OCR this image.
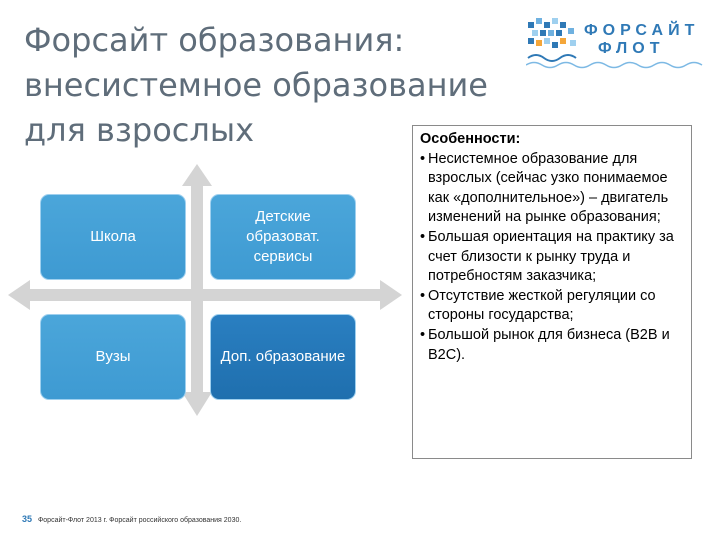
Форсайт образования:
внесистемное образование
для взрослых
ФОРСАЙТ
ФЛОТ
Школа
Детские образоват. сервисы
Вузы	Доп. образование

Особенности:

• Несистемное образование для взрослых (сейчас узко понимаемое как «дополнительное») – двигатель изменений на рынке образования;
• Большая ориентация на практику за счет близости к рынку труда и потребностям заказчика;
• Отсутствие жесткой регуляции со стороны государства;
• Большой рынок для бизнеса (B2B и B2C).
35 Форсайт-Флот 2013 г. Форсайт российского образования 2030.
